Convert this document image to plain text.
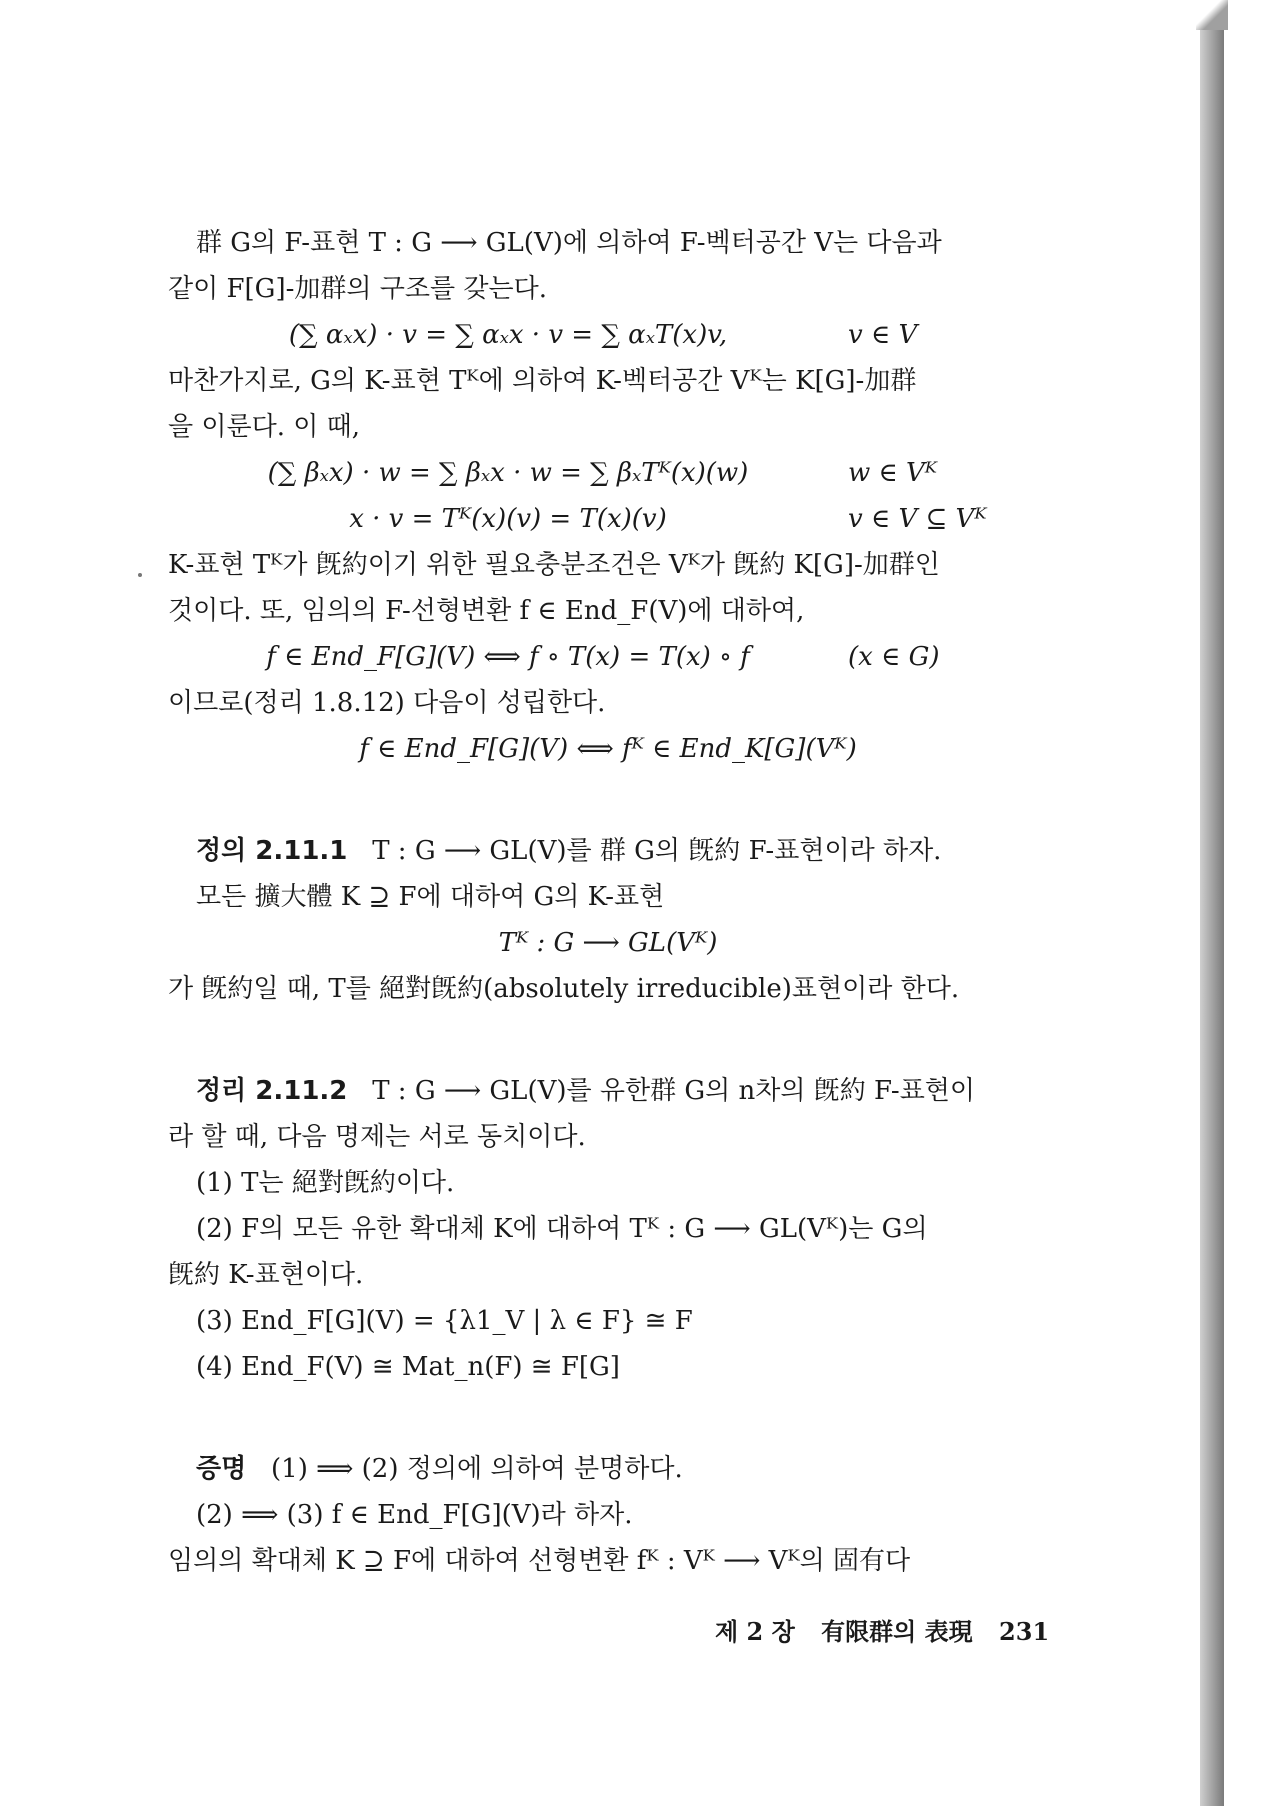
群 G의 F-표현 T : G ⟶ GL(V)에 의하여 F-벡터공간 V는 다음과

같이 F[G]-加群의 구조를 갖는다.

(∑ αₓx) · v = ∑ αₓx · v = ∑ αₓT(x)v,	v ∈ V

마찬가지로, G의 K-표현 Tᴷ에 의하여 K-벡터공간 Vᴷ는 K[G]-加群

을 이룬다. 이 때,

(∑ βₓx) · w = ∑ βₓx · w = ∑ βₓTᴷ(x)(w)	w ∈ Vᴷ
x · v = Tᴷ(x)(v) = T(x)(v)	v ∈ V ⊆ Vᴷ

K-표현 Tᴷ가 旣約이기 위한 필요충분조건은 Vᴷ가 旣約 K[G]-加群인

것이다. 또, 임의의 F-선형변환 f ∈ End_F(V)에 대하여,

f ∈ End_F[G](V) ⟺ f ∘ T(x) = T(x) ∘ f	(x ∈ G)

이므로(정리 1.8.12) 다음이 성립한다.

f ∈ End_F[G](V) ⟺ fᴷ ∈ End_K[G](Vᴷ)

정의 2.11.1 T : G ⟶ GL(V)를 群 G의 旣約 F-표현이라 하자.

모든 擴大體 K ⊇ F에 대하여 G의 K-표현

Tᴷ : G ⟶ GL(Vᴷ)

가 旣約일 때, T를 絕對旣約(absolutely irreducible)표현이라 한다.

정리 2.11.2 T : G ⟶ GL(V)를 유한群 G의 n차의 旣約 F-표현이

라 할 때, 다음 명제는 서로 동치이다.

(1) T는 絕對旣約이다.

(2) F의 모든 유한 확대체 K에 대하여 Tᴷ : G ⟶ GL(Vᴷ)는 G의

旣約 K-표현이다.

(3) End_F[G](V) = {λ1_V | λ ∈ F} ≅ F

(4) End_F(V) ≅ Mat_n(F) ≅ F[G]

증명 (1) ⟹ (2) 정의에 의하여 분명하다.

(2) ⟹ (3) f ∈ End_F[G](V)라 하자.

임의의 확대체 K ⊇ F에 대하여 선형변환 fᴷ : Vᴷ ⟶ Vᴷ의 固有다

제 2 장 有限群의 表現 231
